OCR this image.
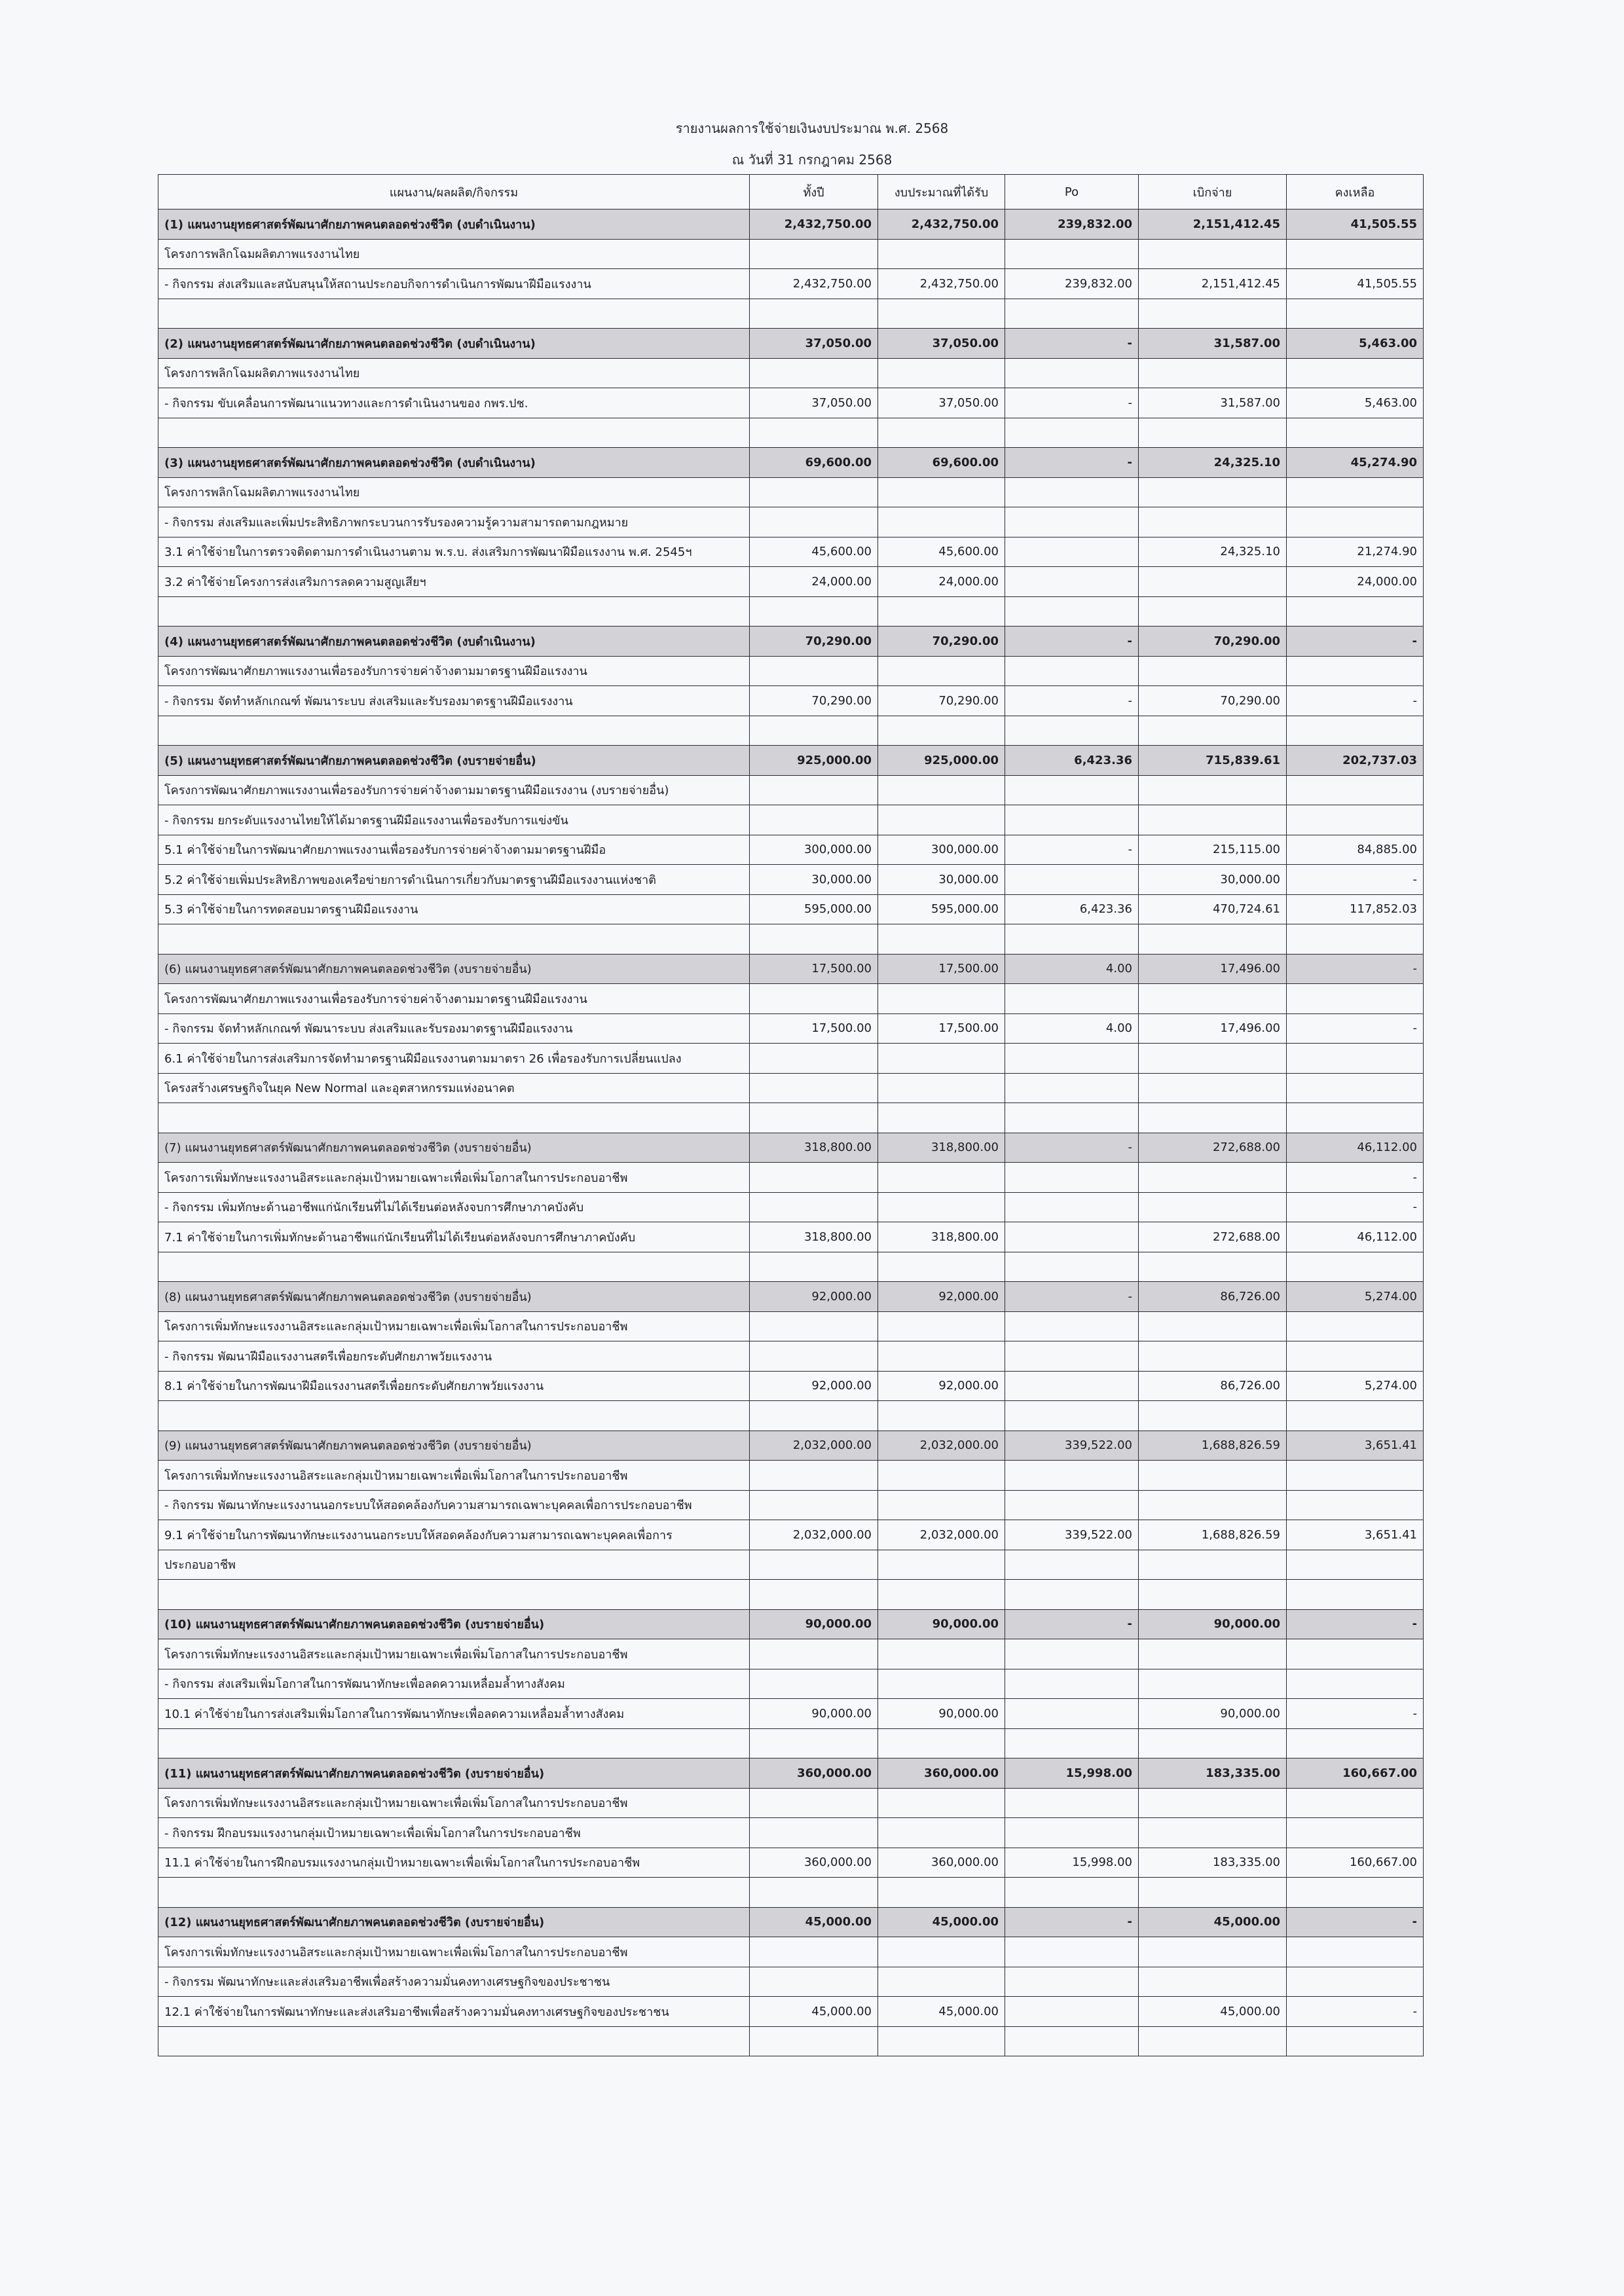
รายงานผลการใช้จ่ายเงินงบประมาณ พ.ศ. 2568
ณ วันที่ 31 กรกฎาคม 2568
แผนงาน/ผลผลิต/กิจกรรม	ทั้งปี	งบประมาณที่ได้รับ	Po	เบิกจ่าย	คงเหลือ
(1) แผนงานยุทธศาสตร์พัฒนาศักยภาพคนตลอดช่วงชีวิต (งบดำเนินงาน)	2,432,750.00	2,432,750.00	239,832.00	2,151,412.45	41,505.55
โครงการพลิกโฉมผลิตภาพแรงงานไทย					
- กิจกรรม ส่งเสริมและสนับสนุนให้สถานประกอบกิจการดำเนินการพัฒนาฝีมือแรงงาน	2,432,750.00	2,432,750.00	239,832.00	2,151,412.45	41,505.55

(2) แผนงานยุทธศาสตร์พัฒนาศักยภาพคนตลอดช่วงชีวิต (งบดำเนินงาน)	37,050.00	37,050.00	-	31,587.00	5,463.00
โครงการพลิกโฉมผลิตภาพแรงงานไทย					
- กิจกรรม ขับเคลื่อนการพัฒนาแนวทางและการดำเนินงานของ กพร.ปช.	37,050.00	37,050.00	-	31,587.00	5,463.00

(3) แผนงานยุทธศาสตร์พัฒนาศักยภาพคนตลอดช่วงชีวิต (งบดำเนินงาน)	69,600.00	69,600.00	-	24,325.10	45,274.90
โครงการพลิกโฉมผลิตภาพแรงงานไทย					
- กิจกรรม ส่งเสริมและเพิ่มประสิทธิภาพกระบวนการรับรองความรู้ความสามารถตามกฎหมาย					
3.1 ค่าใช้จ่ายในการตรวจติดตามการดำเนินงานตาม พ.ร.บ. ส่งเสริมการพัฒนาฝีมือแรงงาน พ.ศ. 2545ฯ	45,600.00	45,600.00		24,325.10	21,274.90
3.2 ค่าใช้จ่ายโครงการส่งเสริมการลดความสูญเสียฯ	24,000.00	24,000.00			24,000.00

(4) แผนงานยุทธศาสตร์พัฒนาศักยภาพคนตลอดช่วงชีวิต (งบดำเนินงาน)	70,290.00	70,290.00	-	70,290.00	-
โครงการพัฒนาศักยภาพแรงงานเพื่อรองรับการจ่ายค่าจ้างตามมาตรฐานฝีมือแรงงาน					
- กิจกรรม จัดทำหลักเกณฑ์ พัฒนาระบบ ส่งเสริมและรับรองมาตรฐานฝีมือแรงงาน	70,290.00	70,290.00	-	70,290.00	-

(5) แผนงานยุทธศาสตร์พัฒนาศักยภาพคนตลอดช่วงชีวิต (งบรายจ่ายอื่น)	925,000.00	925,000.00	6,423.36	715,839.61	202,737.03
โครงการพัฒนาศักยภาพแรงงานเพื่อรองรับการจ่ายค่าจ้างตามมาตรฐานฝีมือแรงงาน (งบรายจ่ายอื่น)					
- กิจกรรม ยกระดับแรงงานไทยให้ได้มาตรฐานฝีมือแรงงานเพื่อรองรับการแข่งขัน					
5.1 ค่าใช้จ่ายในการพัฒนาศักยภาพแรงงานเพื่อรองรับการจ่ายค่าจ้างตามมาตรฐานฝีมือ	300,000.00	300,000.00	-	215,115.00	84,885.00
5.2 ค่าใช้จ่ายเพิ่มประสิทธิภาพของเครือข่ายการดำเนินการเกี่ยวกับมาตรฐานฝีมือแรงงานแห่งชาติ	30,000.00	30,000.00		30,000.00	-
5.3 ค่าใช้จ่ายในการทดสอบมาตรฐานฝีมือแรงงาน	595,000.00	595,000.00	6,423.36	470,724.61	117,852.03

(6) แผนงานยุทธศาสตร์พัฒนาศักยภาพคนตลอดช่วงชีวิต (งบรายจ่ายอื่น)	17,500.00	17,500.00	4.00	17,496.00	-
โครงการพัฒนาศักยภาพแรงงานเพื่อรองรับการจ่ายค่าจ้างตามมาตรฐานฝีมือแรงงาน					
- กิจกรรม จัดทำหลักเกณฑ์ พัฒนาระบบ ส่งเสริมและรับรองมาตรฐานฝีมือแรงงาน	17,500.00	17,500.00	4.00	17,496.00	-
6.1 ค่าใช้จ่ายในการส่งเสริมการจัดทำมาตรฐานฝีมือแรงงานตามมาตรา 26 เพื่อรองรับการเปลี่ยนแปลง					
โครงสร้างเศรษฐกิจในยุค New Normal และอุตสาหกรรมแห่งอนาคต					

(7) แผนงานยุทธศาสตร์พัฒนาศักยภาพคนตลอดช่วงชีวิต (งบรายจ่ายอื่น)	318,800.00	318,800.00	-	272,688.00	46,112.00
โครงการเพิ่มทักษะแรงงานอิสระและกลุ่มเป้าหมายเฉพาะเพื่อเพิ่มโอกาสในการประกอบอาชีพ					-
- กิจกรรม เพิ่มทักษะด้านอาชีพแก่นักเรียนที่ไม่ได้เรียนต่อหลังจบการศึกษาภาคบังคับ					-
7.1 ค่าใช้จ่ายในการเพิ่มทักษะด้านอาชีพแก่นักเรียนที่ไม่ได้เรียนต่อหลังจบการศึกษาภาคบังคับ	318,800.00	318,800.00		272,688.00	46,112.00

(8) แผนงานยุทธศาสตร์พัฒนาศักยภาพคนตลอดช่วงชีวิต (งบรายจ่ายอื่น)	92,000.00	92,000.00	-	86,726.00	5,274.00
โครงการเพิ่มทักษะแรงงานอิสระและกลุ่มเป้าหมายเฉพาะเพื่อเพิ่มโอกาสในการประกอบอาชีพ					
- กิจกรรม พัฒนาฝีมือแรงงานสตรีเพื่อยกระดับศักยภาพวัยแรงงาน					
8.1 ค่าใช้จ่ายในการพัฒนาฝีมือแรงงานสตรีเพื่อยกระดับศักยภาพวัยแรงงาน	92,000.00	92,000.00		86,726.00	5,274.00

(9) แผนงานยุทธศาสตร์พัฒนาศักยภาพคนตลอดช่วงชีวิต (งบรายจ่ายอื่น)	2,032,000.00	2,032,000.00	339,522.00	1,688,826.59	3,651.41
โครงการเพิ่มทักษะแรงงานอิสระและกลุ่มเป้าหมายเฉพาะเพื่อเพิ่มโอกาสในการประกอบอาชีพ					
- กิจกรรม พัฒนาทักษะแรงงานนอกระบบให้สอดคล้องกับความสามารถเฉพาะบุคคลเพื่อการประกอบอาชีพ					
9.1 ค่าใช้จ่ายในการพัฒนาทักษะแรงงานนอกระบบให้สอดคล้องกับความสามารถเฉพาะบุคคลเพื่อการ	2,032,000.00	2,032,000.00	339,522.00	1,688,826.59	3,651.41
ประกอบอาชีพ					

(10) แผนงานยุทธศาสตร์พัฒนาศักยภาพคนตลอดช่วงชีวิต (งบรายจ่ายอื่น)	90,000.00	90,000.00	-	90,000.00	-
โครงการเพิ่มทักษะแรงงานอิสระและกลุ่มเป้าหมายเฉพาะเพื่อเพิ่มโอกาสในการประกอบอาชีพ					
- กิจกรรม ส่งเสริมเพิ่มโอกาสในการพัฒนาทักษะเพื่อลดความเหลื่อมล้ำทางสังคม					
10.1 ค่าใช้จ่ายในการส่งเสริมเพิ่มโอกาสในการพัฒนาทักษะเพื่อลดความเหลื่อมล้ำทางสังคม	90,000.00	90,000.00		90,000.00	-

(11) แผนงานยุทธศาสตร์พัฒนาศักยภาพคนตลอดช่วงชีวิต (งบรายจ่ายอื่น)	360,000.00	360,000.00	15,998.00	183,335.00	160,667.00
โครงการเพิ่มทักษะแรงงานอิสระและกลุ่มเป้าหมายเฉพาะเพื่อเพิ่มโอกาสในการประกอบอาชีพ					
- กิจกรรม ฝึกอบรมแรงงานกลุ่มเป้าหมายเฉพาะเพื่อเพิ่มโอกาสในการประกอบอาชีพ					
11.1 ค่าใช้จ่ายในการฝึกอบรมแรงงานกลุ่มเป้าหมายเฉพาะเพื่อเพิ่มโอกาสในการประกอบอาชีพ	360,000.00	360,000.00	15,998.00	183,335.00	160,667.00

(12) แผนงานยุทธศาสตร์พัฒนาศักยภาพคนตลอดช่วงชีวิต (งบรายจ่ายอื่น)	45,000.00	45,000.00	-	45,000.00	-
โครงการเพิ่มทักษะแรงงานอิสระและกลุ่มเป้าหมายเฉพาะเพื่อเพิ่มโอกาสในการประกอบอาชีพ					
- กิจกรรม พัฒนาทักษะและส่งเสริมอาชีพเพื่อสร้างความมั่นคงทางเศรษฐกิจของประชาชน					
12.1 ค่าใช้จ่ายในการพัฒนาทักษะและส่งเสริมอาชีพเพื่อสร้างความมั่นคงทางเศรษฐกิจของประชาชน	45,000.00	45,000.00		45,000.00	-
